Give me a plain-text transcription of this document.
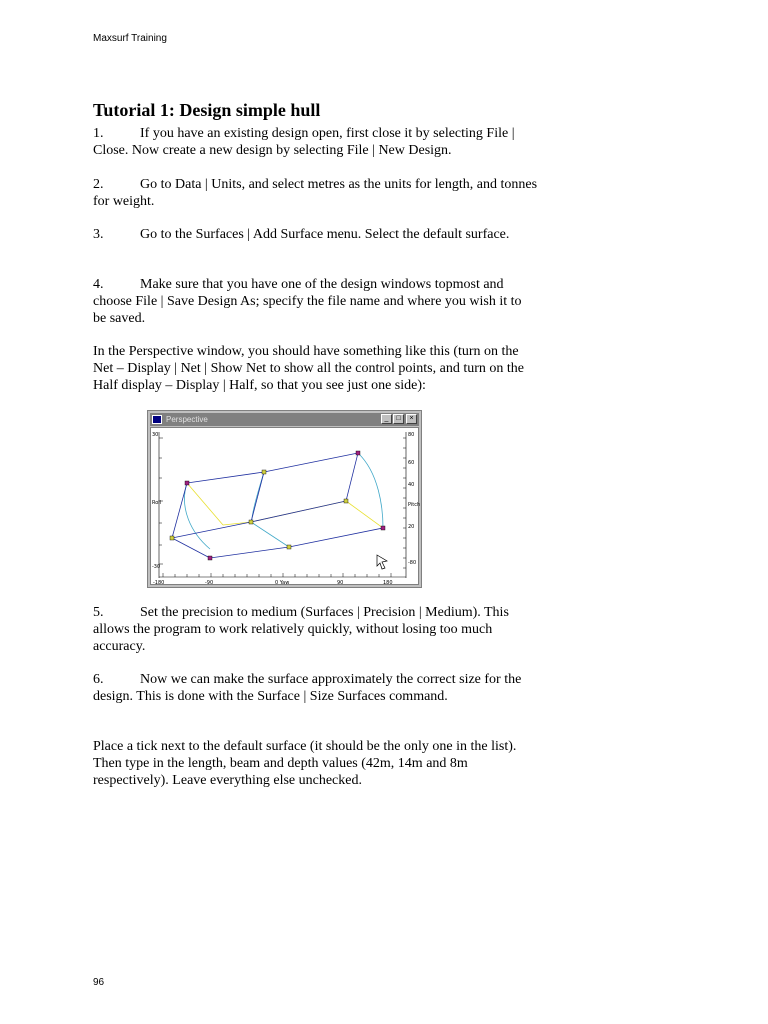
Maxsurf Training
Tutorial 1: Design simple hull

1.	If you have an existing design open, first close it by selecting File | Close. Now create a new design by selecting File | New Design.

2.	Go to Data | Units, and select metres as the units for length, and tonnes for weight.

3.	Go to the Surfaces | Add Surface menu. Select the default surface.

4.	Make sure that you have one of the design windows topmost and choose File | Save Design As; specify the file name and where you wish it to be saved.

In the Perspective window, you should have something like this (turn on the Net – Display | Net | Show Net to show all the control points, and turn on the Half display – Display | Half, so that you see just one side):

Perspective	_	□	×
30
Roll
-30
80
60
40
Pitch
20
-80
-180	-90	0 Yaw	90	180

5.	Set the precision to medium (Surfaces | Precision | Medium). This allows the program to work relatively quickly, without losing too much accuracy.

6.	Now we can make the surface approximately the correct size for the design. This is done with the Surface | Size Surfaces command.

Place a tick next to the default surface (it should be the only one in the list). Then type in the length, beam and depth values (42m, 14m and 8m respectively). Leave everything else unchecked.

96
